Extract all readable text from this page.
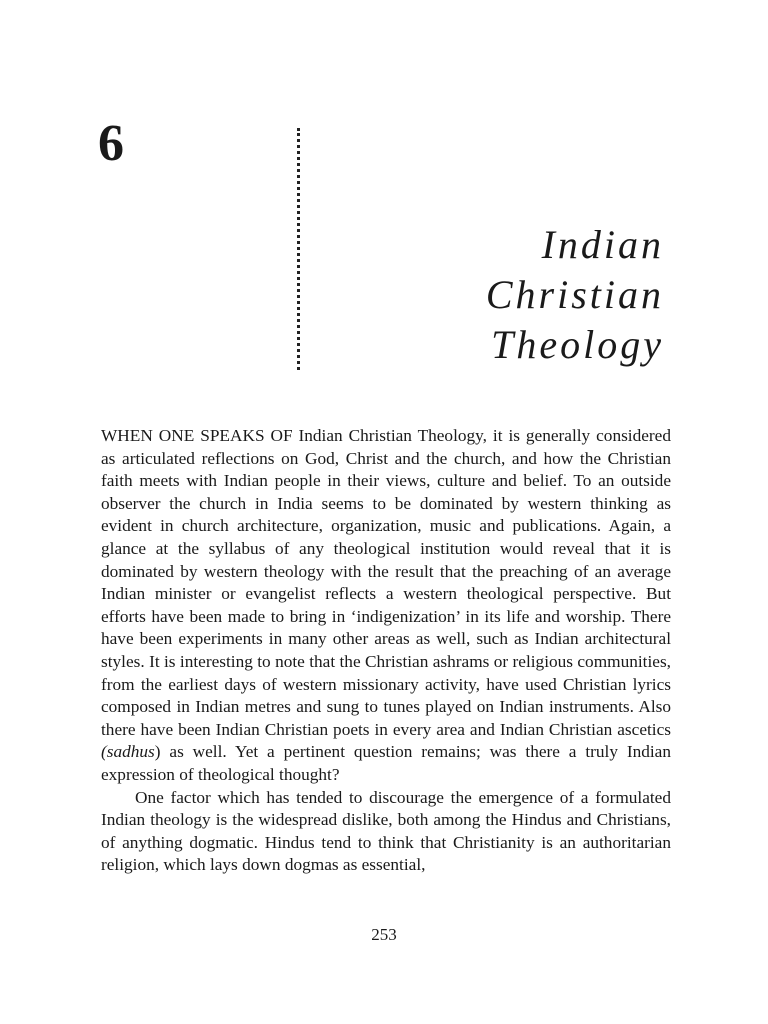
6
Indian
Christian
Theology

WHEN ONE SPEAKS OF Indian Christian Theology, it is generally considered as articulated reflections on God, Christ and the church, and how the Christian faith meets with Indian people in their views, culture and belief. To an outside observer the church in India seems to be dominated by western thinking as evident in church architecture, organization, music and publications. Again, a glance at the syllabus of any theological institution would reveal that it is dominated by western theology with the result that the preaching of an average Indian minister or evangelist reflects a western theological perspective. But efforts have been made to bring in ‘indigenization’ in its life and worship. There have been experiments in many other areas as well, such as Indian architectural styles. It is interesting to note that the Christian ashrams or religious communities, from the earliest days of western missionary activity, have used Christian lyrics composed in Indian metres and sung to tunes played on Indian instruments. Also there have been Indian Christian poets in every area and Indian Christian ascetics (sadhus) as well. Yet a pertinent question remains; was there a truly Indian expression of theological thought?

One factor which has tended to discourage the emergence of a formulated Indian theology is the widespread dislike, both among the Hindus and Christians, of anything dogmatic. Hindus tend to think that Christianity is an authoritarian religion, which lays down dogmas as essential,

253
